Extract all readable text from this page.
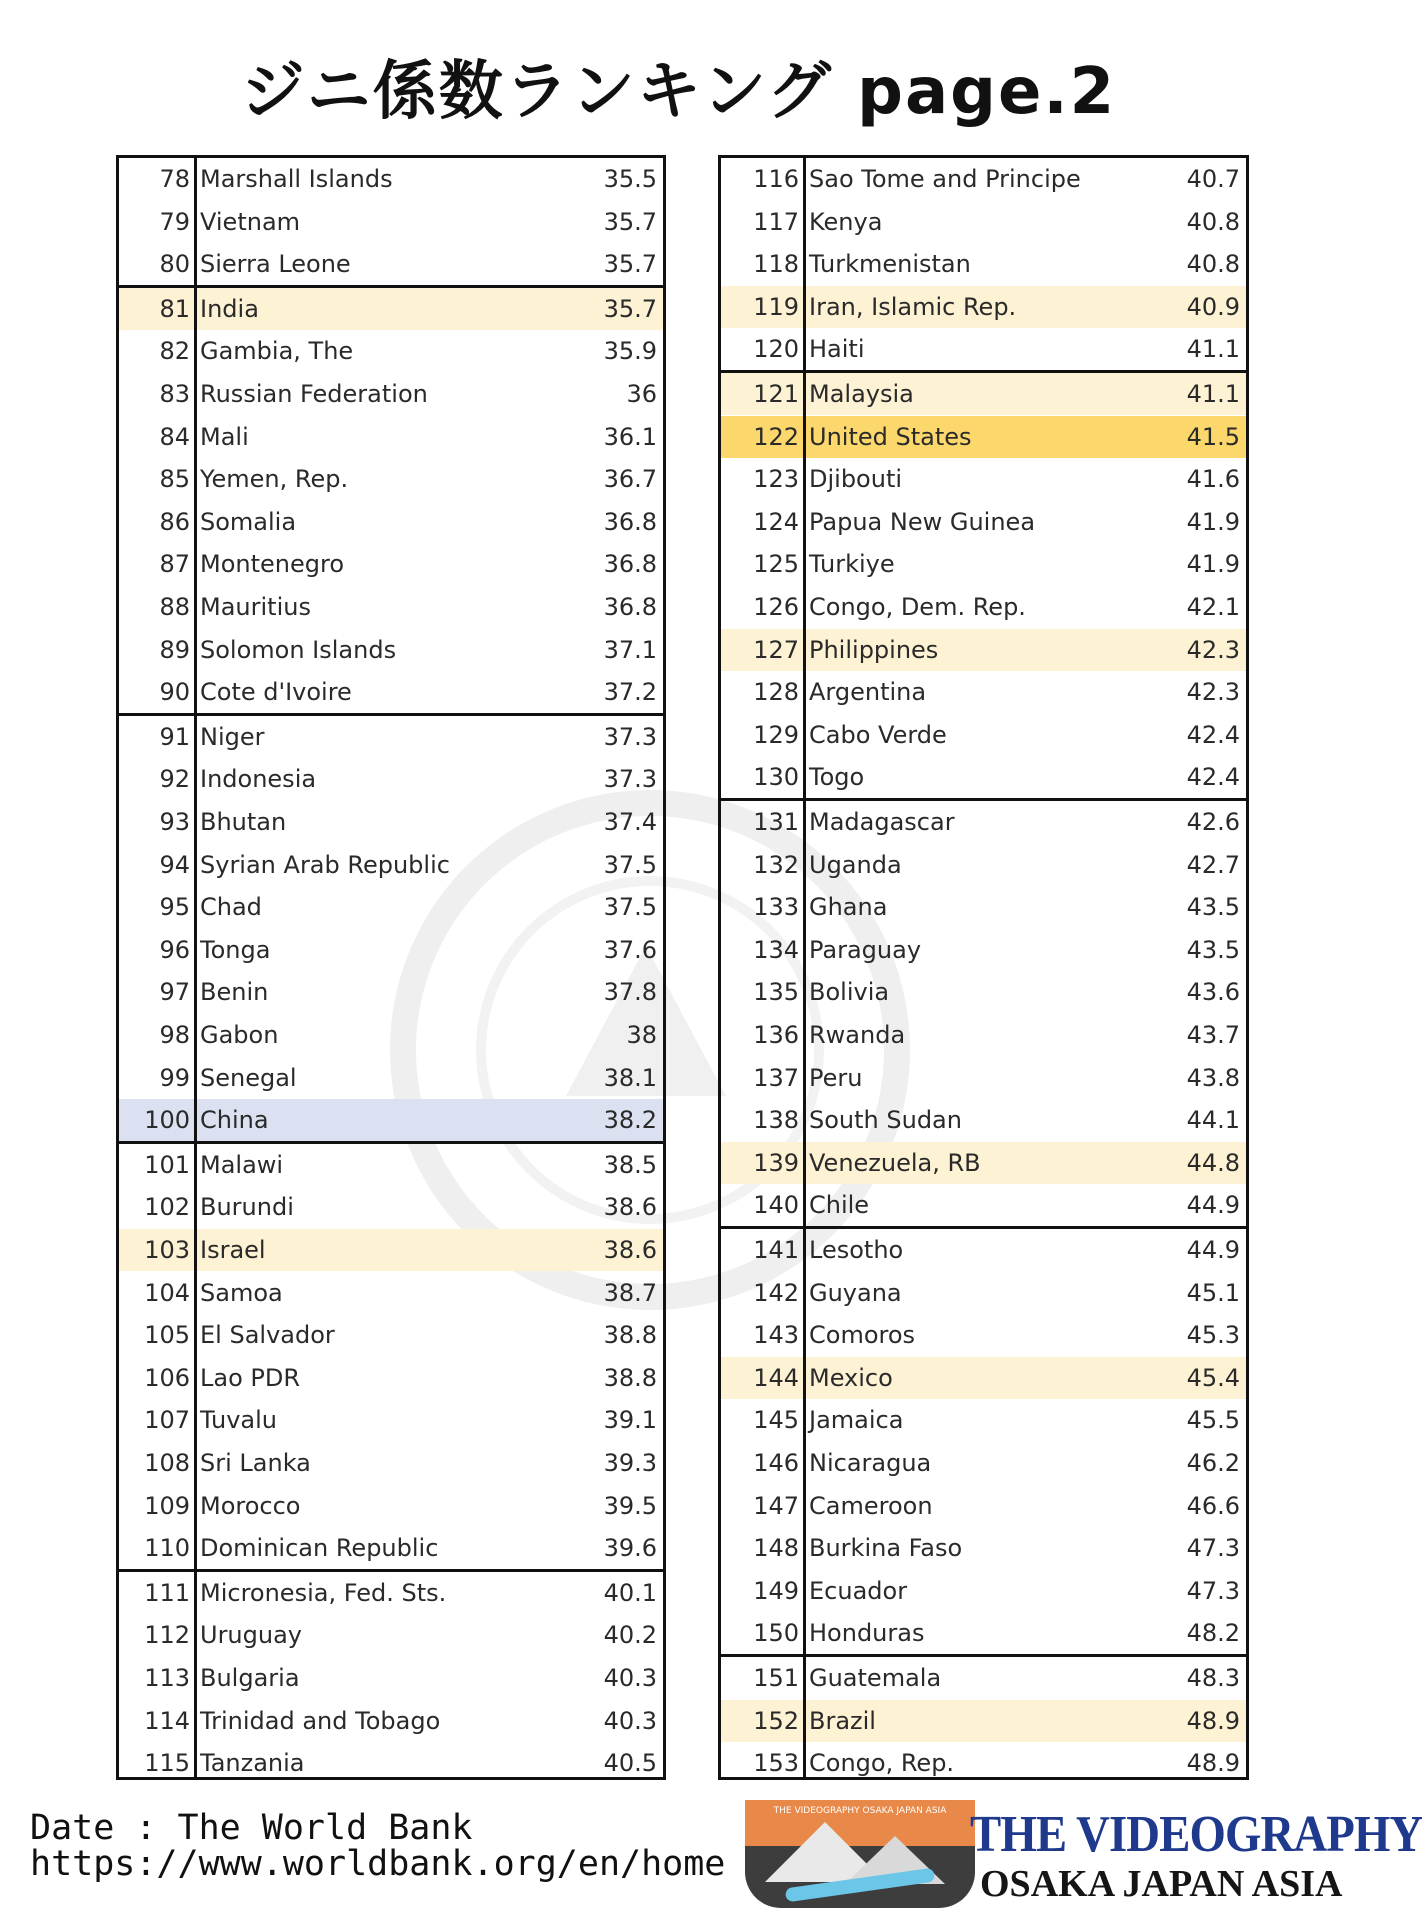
ジニ係数ランキング page.2
115 Tanzania	40.5
114 Trinidad and Tobago	40.3
113 Bulgaria	40.3
112 Uruguay	40.2
111 Micronesia, Fed. Sts.	40.1
110 Dominican Republic	39.6
109 Morocco	39.5
108 Sri Lanka	39.3
107 Tuvalu	39.1
106 Lao PDR	38.8
105 El Salvador	38.8
104 Samoa	38.7
103 Israel	38.6
102 Burundi	38.6
101 Malawi	38.5
100 China	38.2
99 Senegal	38.1
98 Gabon	38
97 Benin	37.8
96 Tonga	37.6
95 Chad	37.5
94 Syrian Arab Republic	37.5
93 Bhutan	37.4
92 Indonesia	37.3
91 Niger	37.3
90 Cote d'Ivoire	37.2
89 Solomon Islands	37.1
88 Mauritius	36.8
87 Montenegro	36.8
86 Somalia	36.8
85 Yemen, Rep.	36.7
84 Mali	36.1
83 Russian Federation	36
82 Gambia, The	35.9
81 India	35.7
80 Sierra Leone	35.7
79 Vietnam	35.7
78 Marshall Islands	35.5
153 Congo, Rep.	48.9
152 Brazil	48.9
151 Guatemala	48.3
150 Honduras	48.2
149 Ecuador	47.3
148 Burkina Faso	47.3
147 Cameroon	46.6
146 Nicaragua	46.2
145 Jamaica	45.5
144 Mexico	45.4
143 Comoros	45.3
142 Guyana	45.1
141 Lesotho	44.9
140 Chile	44.9
139 Venezuela, RB	44.8
138 South Sudan	44.1
137 Peru	43.8
136 Rwanda	43.7
135 Bolivia	43.6
134 Paraguay	43.5
133 Ghana	43.5
132 Uganda	42.7
131 Madagascar	42.6
130 Togo	42.4
129 Cabo Verde	42.4
128 Argentina	42.3
127 Philippines	42.3
126 Congo, Dem. Rep.	42.1
125 Turkiye	41.9
124 Papua New Guinea	41.9
123 Djibouti	41.6
122 United States	41.5
121 Malaysia	41.1
120 Haiti	41.1
119 Iran, Islamic Rep.	40.9
118 Turkmenistan	40.8
117 Kenya	40.8
116 Sao Tome and Principe	40.7
Date : The World Bank
https://www.worldbank.org/en/home
THE VIDEOGRAPHY OSAKA JAPAN ASIA THE VIDEOGRAPHY
OSAKA JAPAN ASIA
